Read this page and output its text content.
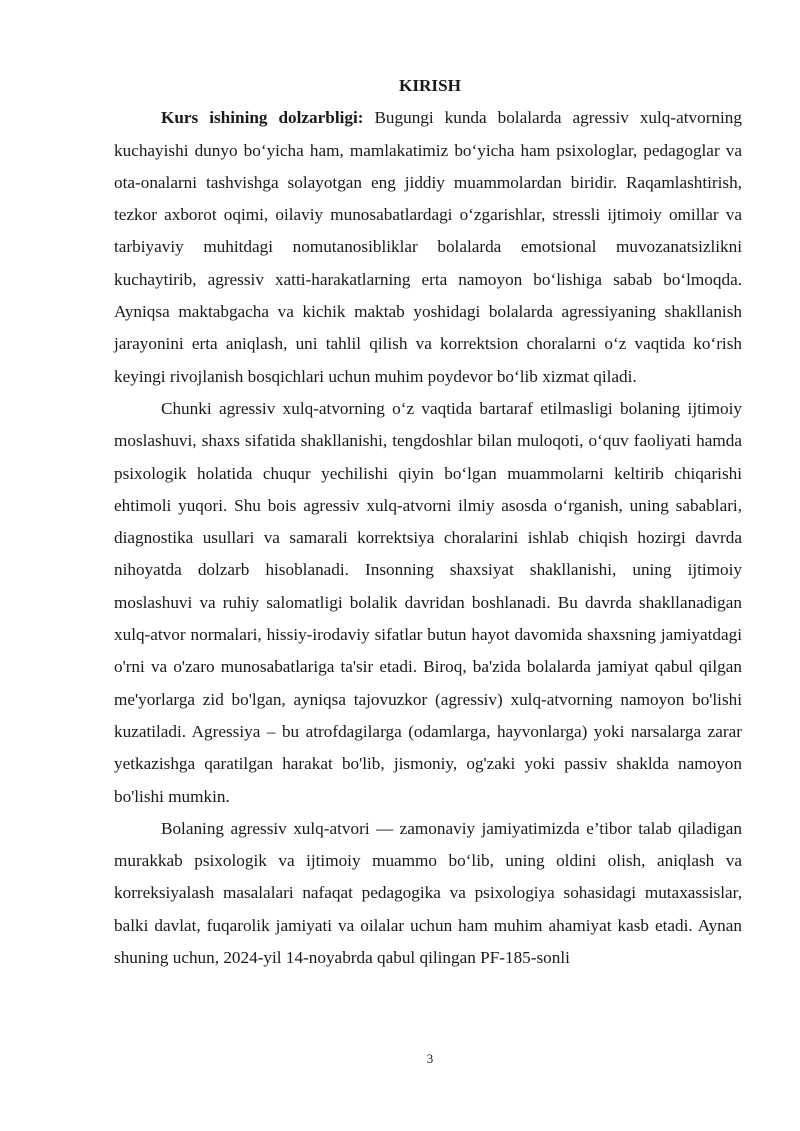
KIRISH

Kurs ishining dolzarbligi: Bugungi kunda bolalarda agressiv xulq-atvorning kuchayishi dunyo bo‘yicha ham, mamlakatimiz bo‘yicha ham psixologlar, pedagoglar va ota-onalarni tashvishga solayotgan eng jiddiy muammolardan biridir. Raqamlashtirish, tezkor axborot oqimi, oilaviy munosabatlardagi o‘zgarishlar, stressli ijtimoiy omillar va tarbiyaviy muhitdagi nomutanosibliklar bolalarda emotsional muvozanatsizlikni kuchaytirib, agressiv xatti-harakatlarning erta namoyon bo‘lishiga sabab bo‘lmoqda. Ayniqsa maktabgacha va kichik maktab yoshidagi bolalarda agressiyaning shakllanish jarayonini erta aniqlash, uni tahlil qilish va korrektsion choralarni o‘z vaqtida ko‘rish keyingi rivojlanish bosqichlari uchun muhim poydevor bo‘lib xizmat qiladi.

Chunki agressiv xulq-atvorning o‘z vaqtida bartaraf etilmasligi bolaning ijtimoiy moslashuvi, shaxs sifatida shakllanishi, tengdoshlar bilan muloqoti, o‘quv faoliyati hamda psixologik holatida chuqur yechilishi qiyin bo‘lgan muammolarni keltirib chiqarishi ehtimoli yuqori. Shu bois agressiv xulq-atvorni ilmiy asosda o‘rganish, uning sabablari, diagnostika usullari va samarali korrektsiya choralarini ishlab chiqish hozirgi davrda nihoyatda dolzarb hisoblanadi. Insonning shaxsiyat shakllanishi, uning ijtimoiy moslashuvi va ruhiy salomatligi bolalik davridan boshlanadi. Bu davrda shakllanadigan xulq-atvor normalari, hissiy-irodaviy sifatlar butun hayot davomida shaxsning jamiyatdagi o'rni va o'zaro munosabatlariga ta'sir etadi. Biroq, ba'zida bolalarda jamiyat qabul qilgan me'yorlarga zid bo'lgan, ayniqsa tajovuzkor (agressiv) xulq-atvorning namoyon bo'lishi kuzatiladi. Agressiya – bu atrofdagilarga (odamlarga, hayvonlarga) yoki narsalarga zarar yetkazishga qaratilgan harakat bo'lib, jismoniy, og'zaki yoki passiv shaklda namoyon bo'lishi mumkin.

Bolaning agressiv xulq-atvori — zamonaviy jamiyatimizda e’tibor talab qiladigan murakkab psixologik va ijtimoiy muammo bo‘lib, uning oldini olish, aniqlash va korreksiyalash masalalari nafaqat pedagogika va psixologiya sohasidagi mutaxassislar, balki davlat, fuqarolik jamiyati va oilalar uchun ham muhim ahamiyat kasb etadi. Aynan shuning uchun, 2024-yil 14-noyabrda qabul qilingan PF-185-sonli

3
